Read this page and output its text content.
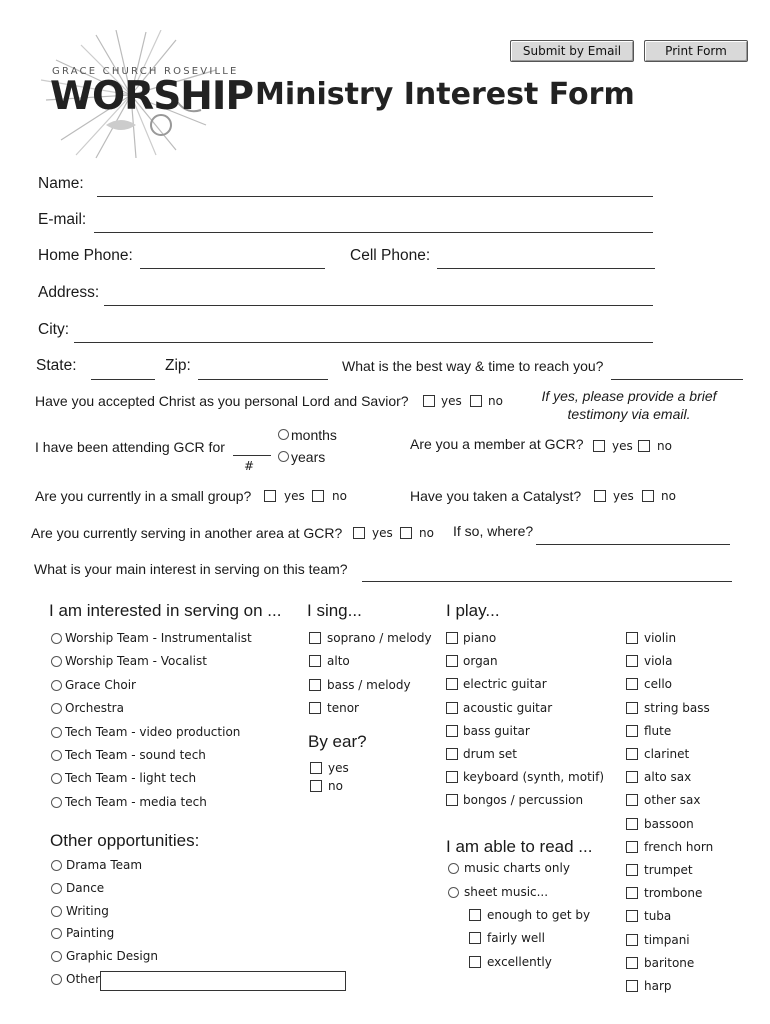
Submit by Email	Print Form
GRACE CHURCH ROSEVILLE
WORSHIP Ministry Interest Form
Name:
E-mail:
Home Phone:	Cell Phone:
Address:
City:
State:	Zip:	What is the best way & time to reach you?
Have you accepted Christ as you personal Lord and Savior?	yes no	If yes, please provide a brief testimony via email.
I have been attending GCR for
#
months
years
Are you a member at GCR? yes no
Are you currently in a small group?	yes no	Have you taken a Catalyst?	yes no
Are you currently serving in another area at GCR? yes no If so, where?
What is your main interest in serving on this team?
I am interested in serving on ... I sing...	I play...
By ear?
Other opportunities:	I am able to read ...
Worship Team - Instrumentalist
Worship Team - Vocalist
Grace Choir
Orchestra
Tech Team - video production
Tech Team - sound tech
Tech Team - light tech
Tech Team - media tech
soprano / melody
alto
bass / melody
tenor
yes
no
piano
organ
electric guitar
acoustic guitar
bass guitar
drum set
keyboard (synth, motif)
bongos / percussion
violin
viola
cello
string bass
flute
clarinet
alto sax
other sax
bassoon
french horn
trumpet
trombone
tuba
timpani
baritone
harp
Drama Team
Dance
Writing
Painting
Graphic Design
Other
music charts only
sheet music...
enough to get by
fairly well
excellently
